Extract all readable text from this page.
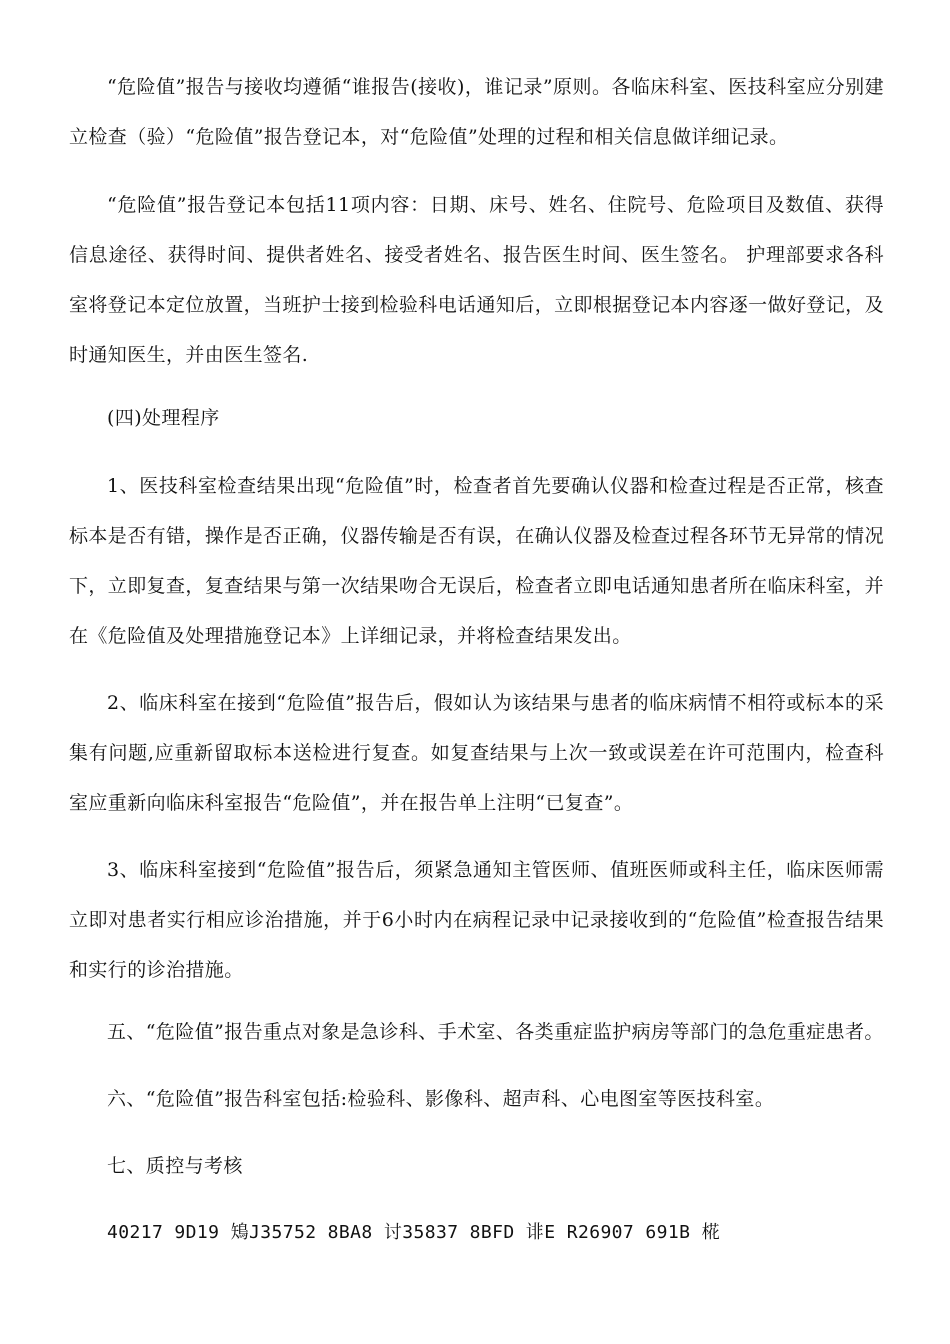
“危险值”报告与接收均遵循“谁报告(接收)，谁记录”原则。各临床科室、医技科室应分别建立检查（验）“危险值”报告登记本，对“危险值”处理的过程和相关信息做详细记录。

“危险值”报告登记本包括11项内容：日期、床号、姓名、住院号、危险项目及数值、获得信息途径、获得时间、提供者姓名、接受者姓名、报告医生时间、医生签名。 护理部要求各科室将登记本定位放置，当班护士接到检验科电话通知后，立即根据登记本内容逐一做好登记，及时通知医生，并由医生签名.

(四)处理程序

1、医技科室检查结果出现“危险值”时，检查者首先要确认仪器和检查过程是否正常，核查标本是否有错，操作是否正确，仪器传输是否有误，在确认仪器及检查过程各环节无异常的情况下，立即复查，复查结果与第一次结果吻合无误后，检查者立即电话通知患者所在临床科室，并在《危险值及处理措施登记本》上详细记录，并将检查结果发出。

2、临床科室在接到“危险值”报告后，假如认为该结果与患者的临床病情不相符或标本的采集有问题,应重新留取标本送检进行复查。如复查结果与上次一致或误差在许可范围内，检查科室应重新向临床科室报告“危险值”，并在报告单上注明“已复查”。

3、临床科室接到“危险值”报告后，须紧急通知主管医师、值班医师或科主任，临床医师需立即对患者实行相应诊治措施，并于6小时内在病程记录中记录接收到的“危险值”检查报告结果和实行的诊治措施。

五、“危险值”报告重点对象是急诊科、手术室、各类重症监护病房等部门的急危重症患者。

六、“危险值”报告科室包括:检验科、影像科、超声科、心电图室等医技科室。

七、质控与考核

40217 9D19 鴙J35752 8BA8 讨35837 8BFD 诽E R26907 691B 椛
